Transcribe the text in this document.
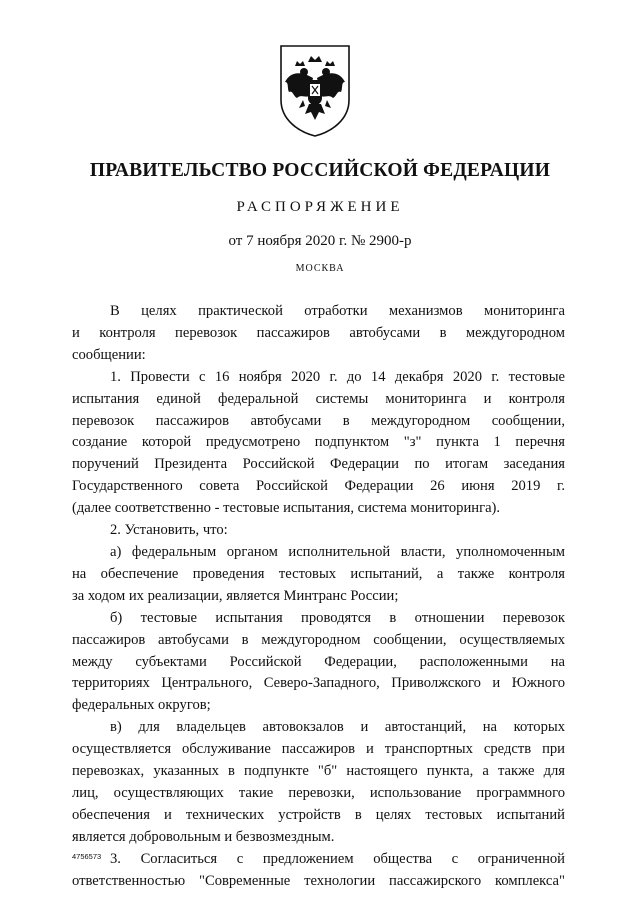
ПРАВИТЕЛЬСТВО РОССИЙСКОЙ ФЕДЕРАЦИИ
РАСПОРЯЖЕНИЕ
от 7 ноября 2020 г. № 2900-р
МОСКВА

В целях практической отработки механизмов мониторинга

и контроля перевозок пассажиров автобусами в междугородном

сообщении:

1. Провести с 16 ноября 2020 г. до 14 декабря 2020 г. тестовые

испытания единой федеральной системы мониторинга и контроля

перевозок пассажиров автобусами в междугородном сообщении,

создание которой предусмотрено подпунктом "з" пункта 1 перечня

поручений Президента Российской Федерации по итогам заседания

Государственного совета Российской Федерации 26 июня 2019 г.

(далее соответственно - тестовые испытания, система мониторинга).

2. Установить, что:

а) федеральным органом исполнительной власти, уполномоченным

на обеспечение проведения тестовых испытаний, а также контроля

за ходом их реализации, является Минтранс России;

б) тестовые испытания проводятся в отношении перевозок

пассажиров автобусами в междугородном сообщении, осуществляемых

между субъектами Российской Федерации, расположенными на

территориях Центрального, Северо-Западного, Приволжского и Южного

федеральных округов;

в) для владельцев автовокзалов и автостанций, на которых

осуществляется обслуживание пассажиров и транспортных средств при

перевозках, указанных в подпункте "б" настоящего пункта, а также для

лиц, осуществляющих такие перевозки, использование программного

обеспечения и технических устройств в целях тестовых испытаний

является добровольным и безвозмездным.

3. Согласиться с предложением общества с ограниченной

ответственностью "Современные технологии пассажирского комплекса"

4756573
